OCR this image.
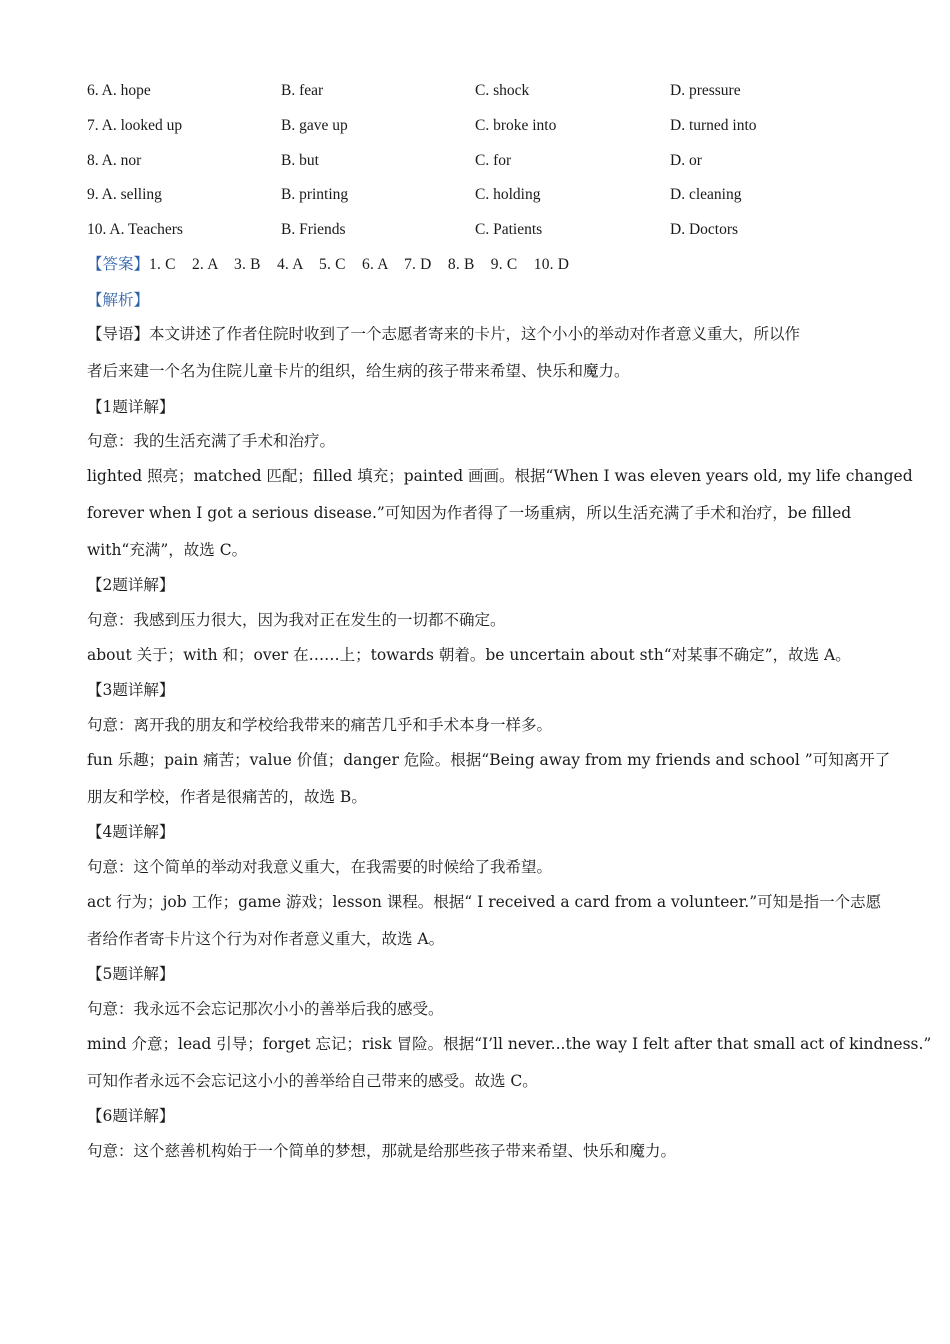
6. A. hope	B. fear	C. shock	D. pressure
7. A. looked up	B. gave up	C. broke into	D. turned into
8. A. nor	B. but	C. for	D. or
9. A. selling	B. printing	C. holding	D. cleaning
10. A. Teachers	B. Friends	C. Patients	D. Doctors
【答案】1. C    2. A    3. B    4. A    5. C    6. A    7. D    8. B    9. C    10. D
【解析】
【导语】本文讲述了作者住院时收到了一个志愿者寄来的卡片，这个小小的举动对作者意义重大，所以作
者后来建一个名为住院儿童卡片的组织，给生病的孩子带来希望、快乐和魔力。
【1题详解】
句意：我的生活充满了手术和治疗。
lighted 照亮；matched 匹配；filled 填充；painted 画画。根据“When I was eleven years old, my life changed
forever when I got a serious disease.”可知因为作者得了一场重病，所以生活充满了手术和治疗，be filled
with“充满”，故选 C。
【2题详解】
句意：我感到压力很大，因为我对正在发生的一切都不确定。
about 关于；with 和；over 在……上；towards 朝着。be uncertain about sth“对某事不确定”，故选 A。
【3题详解】
句意：离开我的朋友和学校给我带来的痛苦几乎和手术本身一样多。
fun 乐趣；pain 痛苦；value 价值；danger 危险。根据“Being away from my friends and school ”可知离开了
朋友和学校，作者是很痛苦的，故选 B。
【4题详解】
句意：这个简单的举动对我意义重大，在我需要的时候给了我希望。
act 行为；job 工作；game 游戏；lesson 课程。根据“ I received a card from a volunteer.”可知是指一个志愿
者给作者寄卡片这个行为对作者意义重大，故选 A。
【5题详解】
句意：我永远不会忘记那次小小的善举后我的感受。
mind 介意；lead 引导；forget 忘记；risk 冒险。根据“I’ll never...the way I felt after that small act of kindness.”
可知作者永远不会忘记这小小的善举给自己带来的感受。故选 C。
【6题详解】
句意：这个慈善机构始于一个简单的梦想，那就是给那些孩子带来希望、快乐和魔力。
